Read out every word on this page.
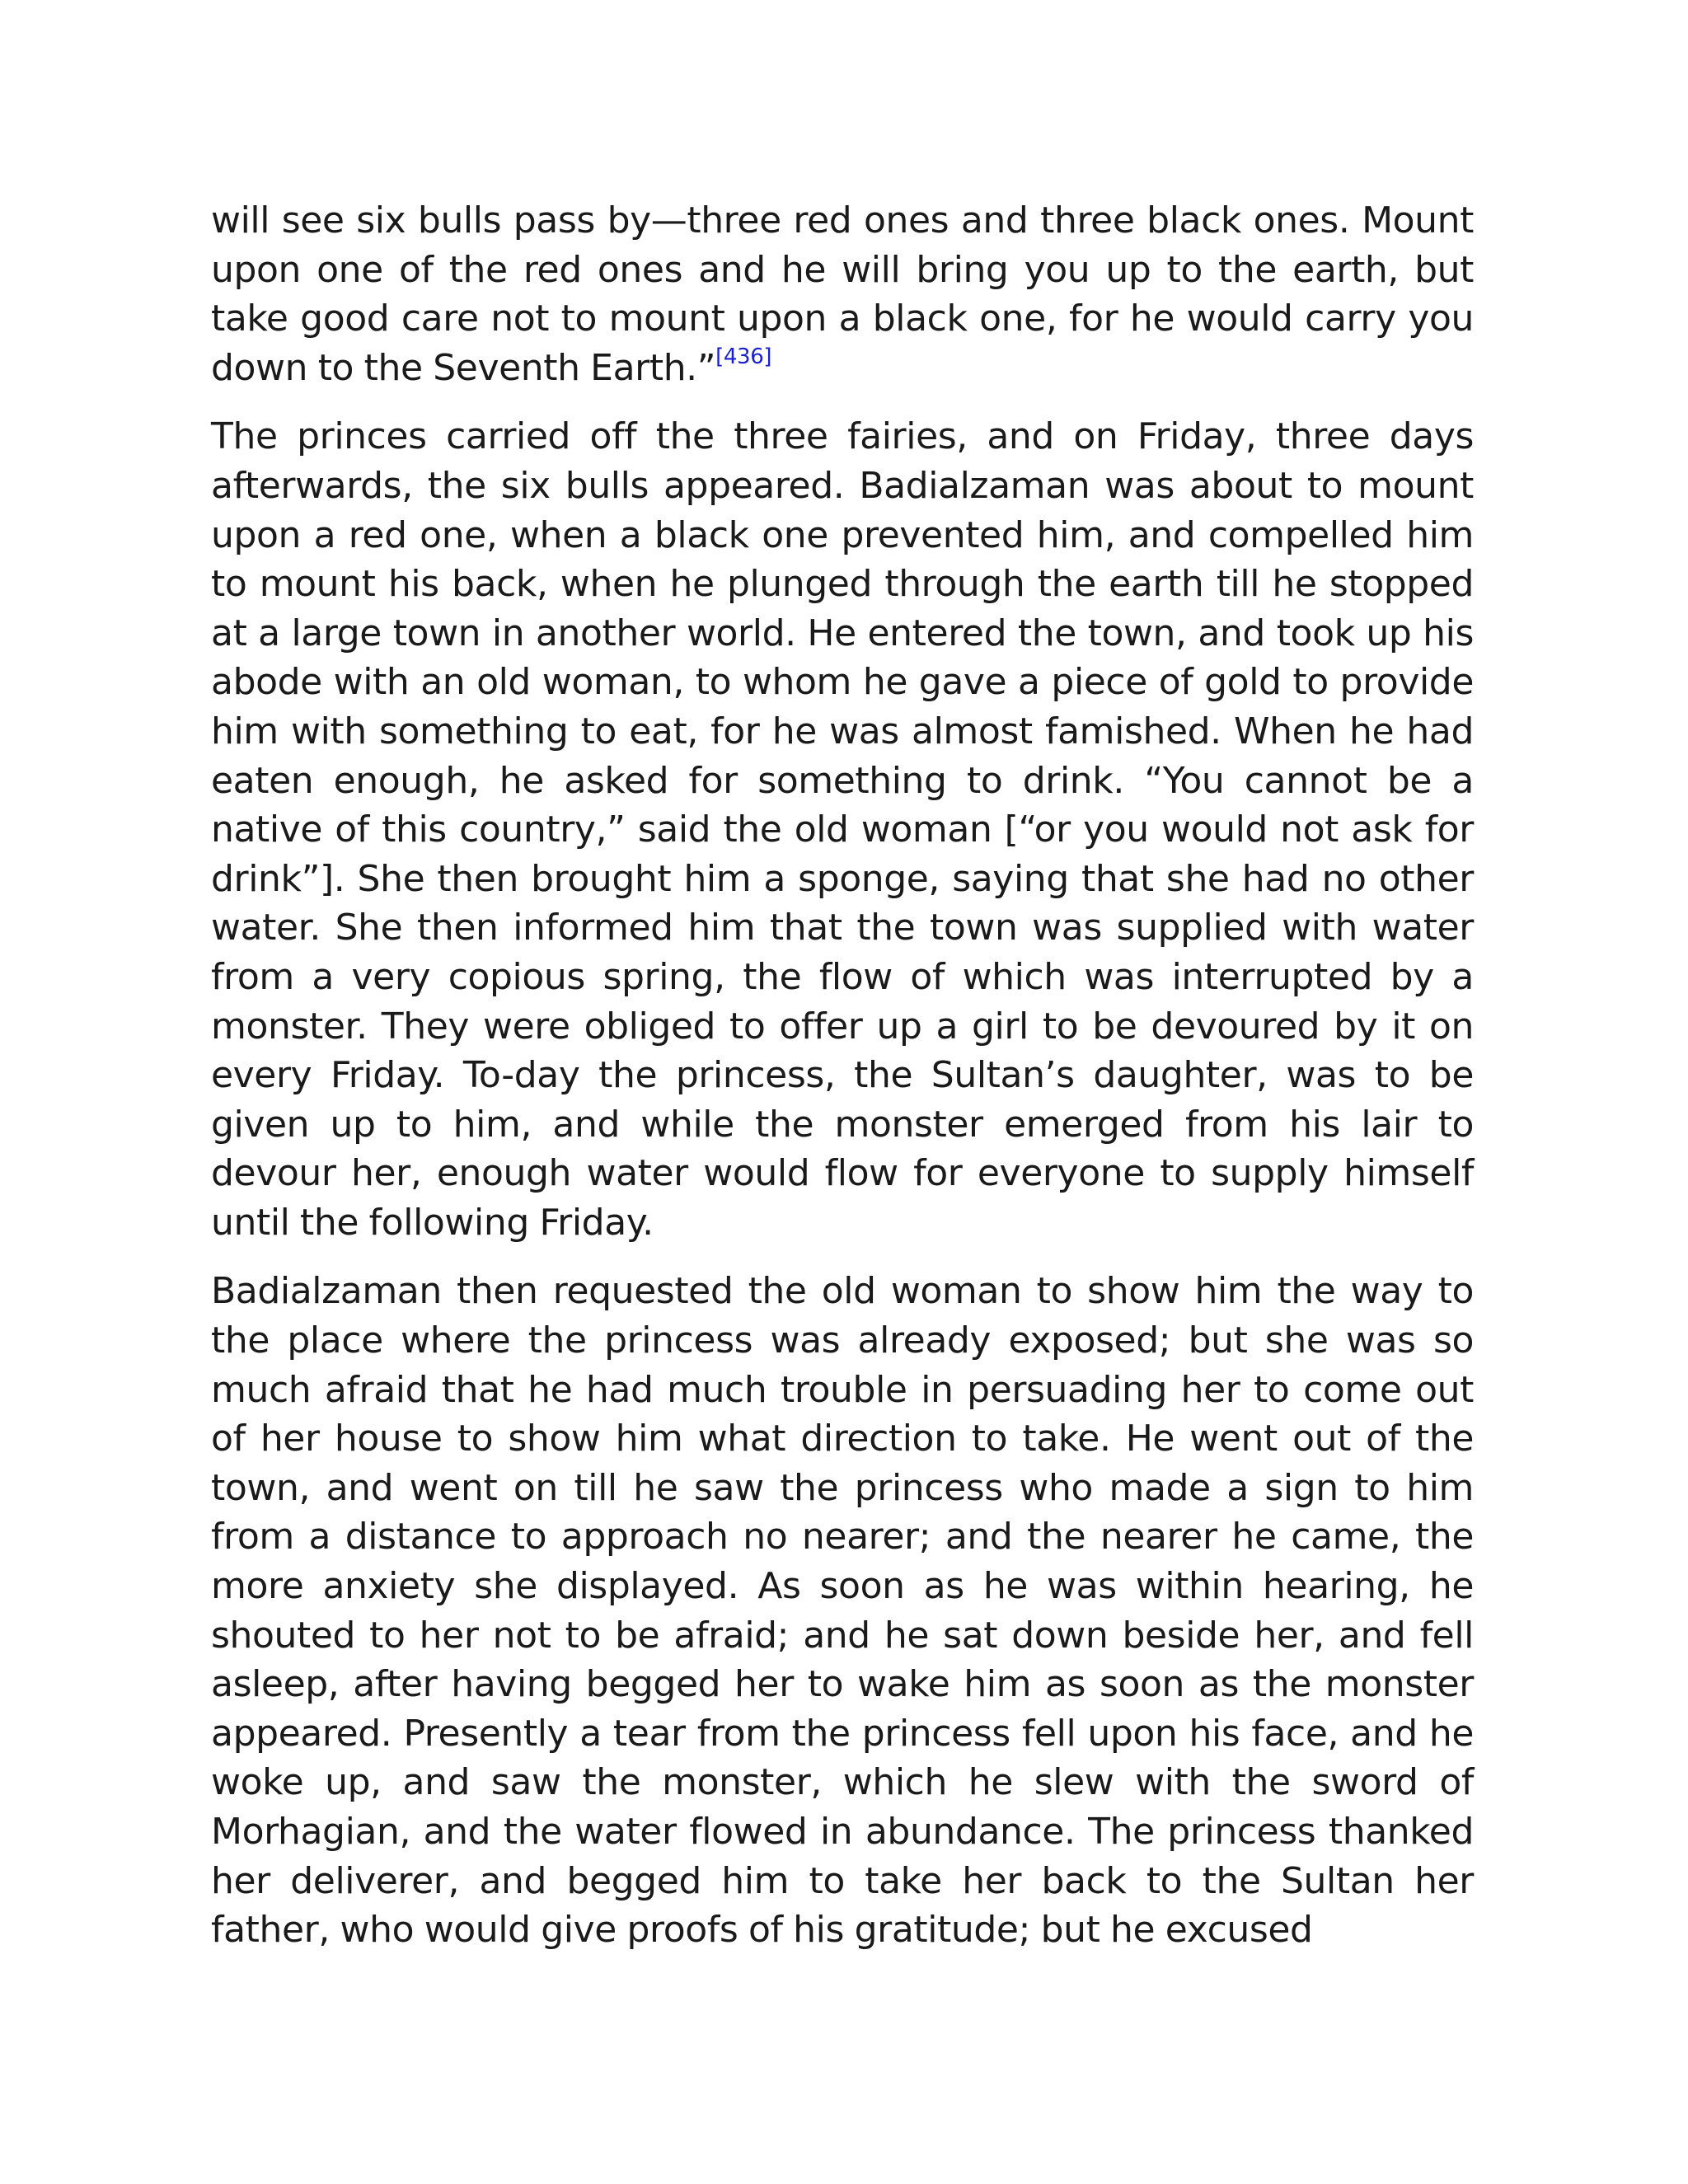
will see six bulls pass by—three red ones and three black ones. Mount upon one of the red ones and he will bring you up to the earth, but take good care not to mount upon a black one, for he would carry you down to the Seventh Earth.”[436]

The princes carried off the three fairies, and on Friday, three days afterwards, the six bulls appeared. Badialzaman was about to mount upon a red one, when a black one prevented him, and compelled him to mount his back, when he plunged through the earth till he stopped at a large town in another world. He entered the town, and took up his abode with an old woman, to whom he gave a piece of gold to provide him with something to eat, for he was almost famished. When he had eaten enough, he asked for something to drink. “You cannot be a native of this country,” said the old woman [“or you would not ask for drink”]. She then brought him a sponge, saying that she had no other water. She then informed him that the town was supplied with water from a very copious spring, the flow of which was interrupted by a monster. They were obliged to offer up a girl to be devoured by it on every Friday. To-day the princess, the Sultan’s daughter, was to be given up to him, and while the monster emerged from his lair to devour her, enough water would flow for everyone to supply himself until the following Friday.

Badialzaman then requested the old woman to show him the way to the place where the princess was already exposed; but she was so much afraid that he had much trouble in persuading her to come out of her house to show him what direction to take. He went out of the town, and went on till he saw the princess who made a sign to him from a distance to approach no nearer; and the nearer he came, the more anxiety she displayed. As soon as he was within hearing, he shouted to her not to be afraid; and he sat down beside her, and fell asleep, after having begged her to wake him as soon as the monster appeared. Presently a tear from the princess fell upon his face, and he woke up, and saw the monster, which he slew with the sword of Morhagian, and the water flowed in abundance. The princess thanked her deliverer, and begged him to take her back to the Sultan her father, who would give proofs of his gratitude; but he excused
